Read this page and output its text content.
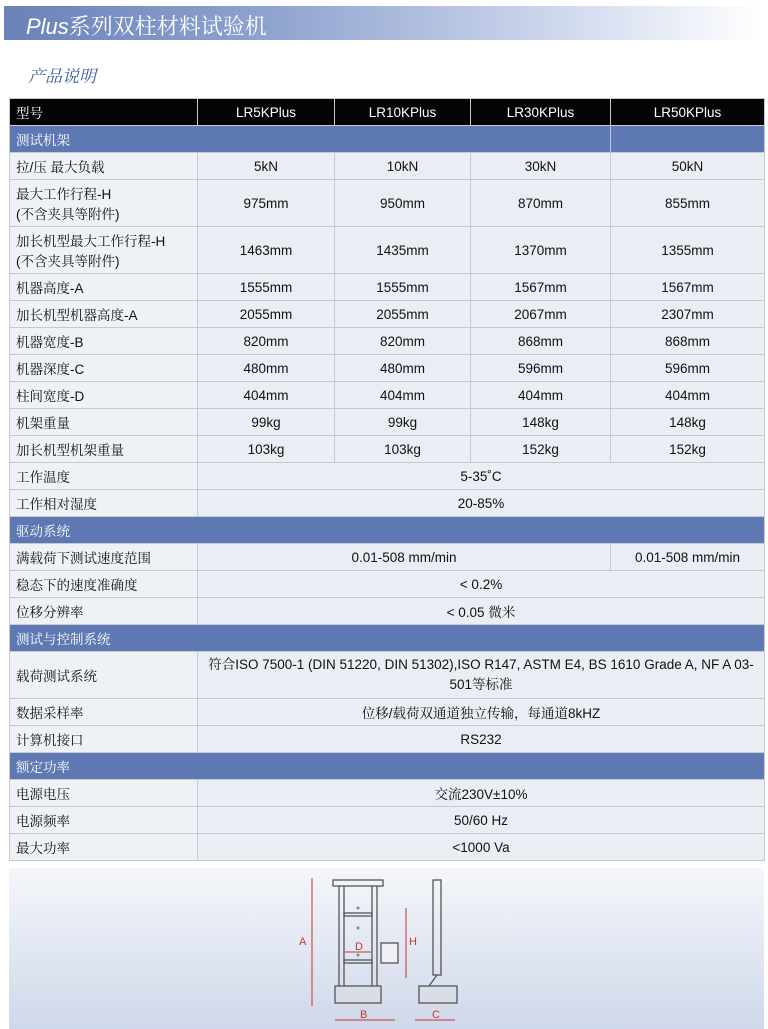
Plus系列双柱材料试验机
产品说明
型号	LR5KPlus	LR10KPlus	LR30KPlus	LR50KPlus
测试机架				
拉/压 最大负载	5kN	10kN	30kN	50kN
最大工作行程-H
(不含夹具等附件)	975mm	950mm	870mm	855mm
加长机型最大工作行程-H
(不含夹具等附件)	1463mm	1435mm	1370mm	1355mm
机器高度-A	1555mm	1555mm	1567mm	1567mm
加长机型机器高度-A	2055mm	2055mm	2067mm	2307mm
机器宽度-B	820mm	820mm	868mm	868mm
机器深度-C	480mm	480mm	596mm	596mm
柱间宽度-D	404mm	404mm	404mm	404mm
机架重量	99kg	99kg	148kg	148kg
加长机型机架重量	103kg	103kg	152kg	152kg
工作温度	5-35˚C			
工作相对湿度	20-85%			
驱动系统				
满载荷下测试速度范围	0.01-508 mm/min			0.01-508 mm/min
稳态下的速度准确度	< 0.2%			
位移分辨率	< 0.05 微米			
测试与控制系统				
载荷测试系统	符合ISO 7500-1 (DIN 51220, DIN 51302),ISO R147, ASTM E4, BS 1610 Grade A, NF A 03-501等标准			
数据采样率	位移/载荷双通道独立传输，每通道8kHZ			
计算机接口	RS232			
额定功率				
电源电压	交流230V±10%			
电源频率	50/60 Hz			
最大功率	<1000 Va			
A
B	C
D	H
